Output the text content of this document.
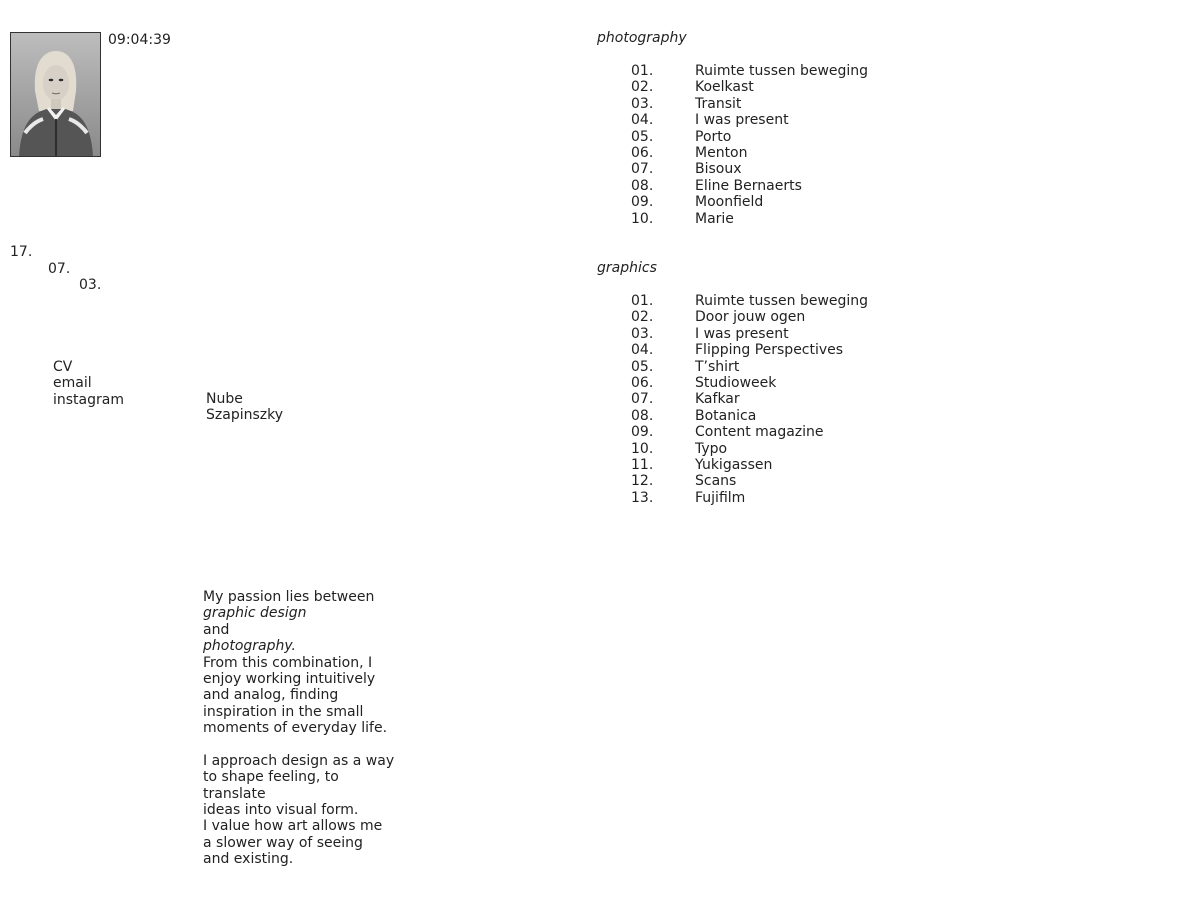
09:04:39
17.
07.
03.
CV
email
instagram	Nube
Szapinszky
photography
01.	Ruimte tussen beweging
02.	Koelkast
03.	Transit
04.	I was present
05.	Porto
06.	Menton
07.	Bisoux
08.	Eline Bernaerts
09.	Moonfield
10.	Marie
graphics
01.	Ruimte tussen beweging
02.	Door jouw ogen
03.	I was present
04.	Flipping Perspectives
05.	T’shirt
06.	Studioweek
07.	Kafkar
08.	Botanica
09.	Content magazine
10.	Typo
11.	Yukigassen
12.	Scans
13.	Fujifilm
My passion lies between
graphic design
and
photography.
From this combination, I
enjoy working intuitively
and analog, finding
inspiration in the small
moments of everyday life.
I approach design as a way
to shape feeling, to
translate
ideas into visual form.
I value how art allows me
a slower way of seeing
and existing.
